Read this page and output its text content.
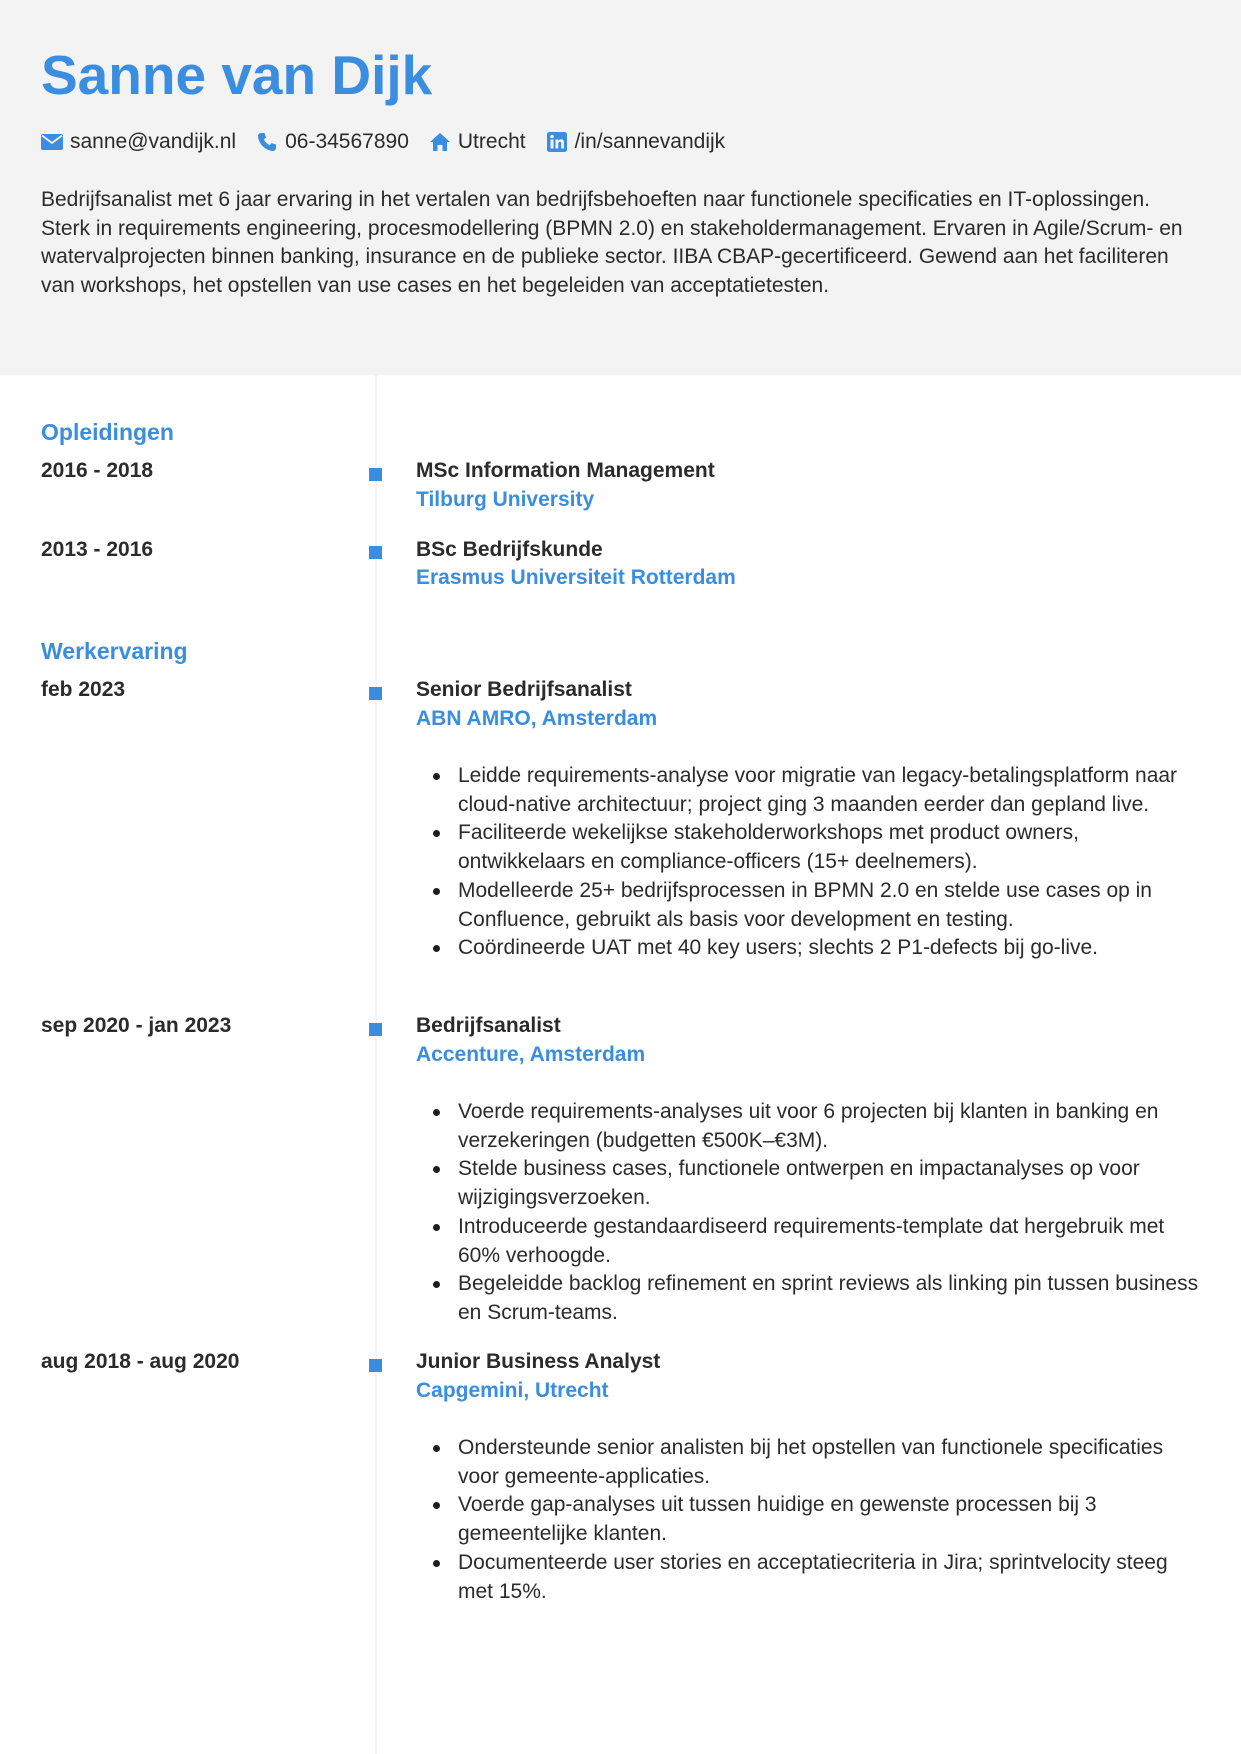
Sanne van Dijk
sanne@vandijk.nl 06-34567890 Utrecht /in/sannevandijk

Bedrijfsanalist met 6 jaar ervaring in het vertalen van bedrijfsbehoeften naar functionele specificaties en IT-oplossingen. Sterk in requirements engineering, procesmodellering (BPMN 2.0) en stakeholdermanagement. Ervaren in Agile/Scrum- en watervalprojecten binnen banking, insurance en de publieke sector. IIBA CBAP-gecertificeerd. Gewend aan het faciliteren van workshops, het opstellen van use cases en het begeleiden van acceptatietesten.

Opleidingen
2016 - 2018	MSc Information Management
Tilburg University
2013 - 2016	BSc Bedrijfskunde
Erasmus Universiteit Rotterdam
Werkervaring
feb 2023	Senior Bedrijfsanalist
ABN AMRO, Amsterdam
Leidde requirements-analyse voor migratie van legacy-betalingsplatform naar cloud-native architectuur; project ging 3 maanden eerder dan gepland live.
Faciliteerde wekelijkse stakeholderworkshops met product owners, ontwikkelaars en compliance-officers (15+ deelnemers).
Modelleerde 25+ bedrijfsprocessen in BPMN 2.0 en stelde use cases op in Confluence, gebruikt als basis voor development en testing.
Coördineerde UAT met 40 key users; slechts 2 P1-defects bij go-live.
sep 2020 - jan 2023	Bedrijfsanalist
Accenture, Amsterdam
Voerde requirements-analyses uit voor 6 projecten bij klanten in banking en verzekeringen (budgetten €500K–€3M).
Stelde business cases, functionele ontwerpen en impactanalyses op voor wijzigingsverzoeken.
Introduceerde gestandaardiseerd requirements-template dat hergebruik met 60% verhoogde.
Begeleidde backlog refinement en sprint reviews als linking pin tussen business en Scrum-teams.
aug 2018 - aug 2020	Junior Business Analyst
Capgemini, Utrecht
Ondersteunde senior analisten bij het opstellen van functionele specificaties voor gemeente-applicaties.
Voerde gap-analyses uit tussen huidige en gewenste processen bij 3 gemeentelijke klanten.
Documenteerde user stories en acceptatiecriteria in Jira; sprintvelocity steeg met 15%.
